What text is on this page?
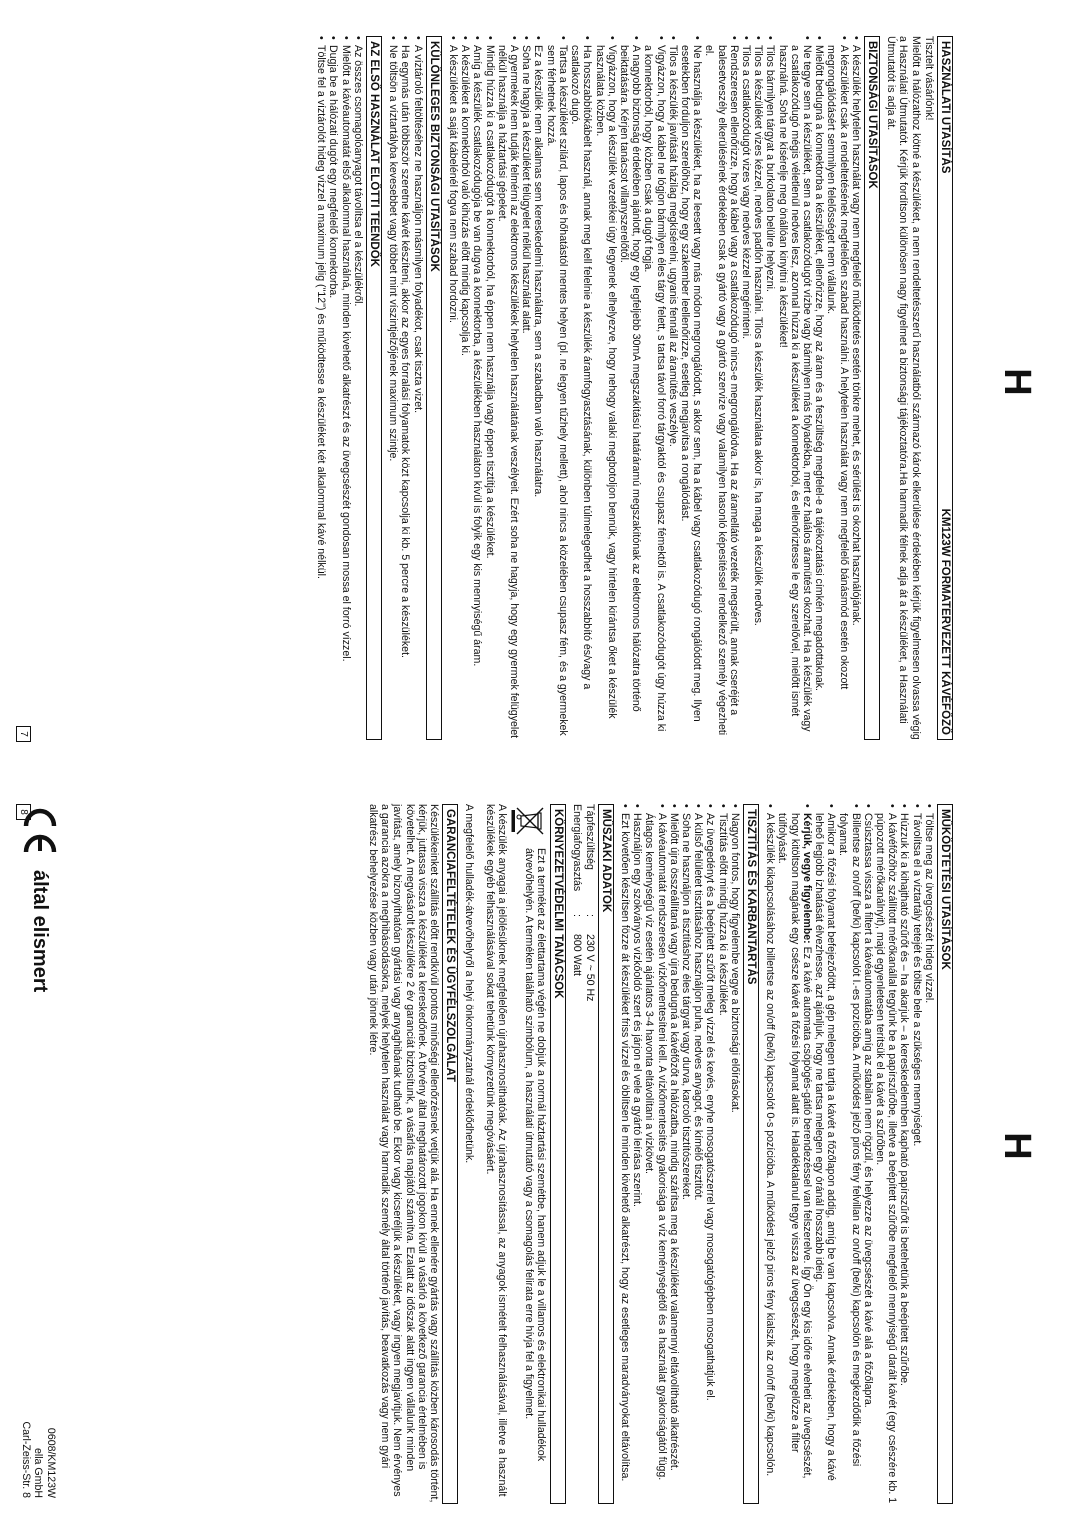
H
HASZNÁLATI UTASÍTÁS
KM123W FORMATERVEZETT KÁVÉFŐZŐ

Tisztelt vásárlónk!

Mielőtt a hálózathoz kötné a készüléket, a nem rendeltetésszerű használatból származó károk elkerülése érdekében kérjük figyelmesen olvassa végig a Használati Útmutatót. Kérjük fordítson különösen nagy figyelmet a biztonsági tájékoztatóra.Ha harmadik félnek adja át a készüléket, a Használati Útmutatót is adja át.

BIZTONSÁGI UTASÍTÁSOK
• A készülék helytelen használat vagy nem megfelelő működtetés esetén tönkre mehet, és sérülést is okozhat használójának.
• A készüléket csak a rendeltetésének megfelelően szabad használni. A helytelen használat vagy nem megfelelő bánásmód esetén okozott megrongálódásért semmilyen felelősséget nem vállalunk.
• Mielőtt bedugná a konnektorba a készüléket, ellenőrizze, hogy az áram és a feszültség megfelel-e a tájékoztatási címkén megadottaknak.
• Ne tegye sem a készüléket, sem a csatlakozódugót vízbe vagy bármilyen más folyadékba, mert ez halálos áramütést okozhat. Ha a készülék vagy a csatlakozódugó mégis véletlenül nedves lesz, azonnal húzza ki a készüléket a konnektorból, és ellenőriztesse le egy szerelővel, mielőtt ismét használná. Soha ne kísérelje meg önállóan kinyitni a készüléket!
• Tilos bármilyen tárgyat a burkolaton belülre helyezni.
• Tilos a készüléket vizes kézzel, nedves padlón használni. Tilos a készülék használata akkor is, ha maga a készülék nedves.
• Tilos a csatlakozódugót vizes vagy nedves kézzel megérinteni.
• Rendszeresen ellenőrizze, hogy a kábel vagy a csatlakozódugó nincs-e megrongálódva. Ha az áramellátó vezeték megsérült, annak cseréjét a balesetveszély elkerülésének érdekében csak a gyártó vagy a gyártó szervize vagy valamilyen hasonló képesítéssel rendelkező személy végezheti el.
• Ne használja a készüléket, ha az leesett vagy más módon megrongálódott, s akkor sem, ha a kábel vagy csatlakozódugó rongálódott meg. Ilyen esetekben forduljon szerelőhöz, hogy egy szakember leellenőrizze, esetleg megjavítsa a rongálódást.
• Tilos a készülék javítását házilag megkísérelni, ugyanis fennáll az áramütés veszélye.
• Vigyázzon, hogy a kábel ne lógjon bármilyen éles tárgy felett, s tartsa távol forró tárgyaktól és csupasz fémektől is. A csatlakozódugót úgy húzza ki a konnektorból, hogy közben csak a dugót fogja.
• A nagyobb biztonság érdekében ajánlott, hogy egy legfeljebb 30mA megszakítású határáramú megszakítónak az elektromos hálózatra történő beiktatására. Kérjen tanácsot villanyszerelőtől.
• Vigyázzon, hogy a készülék vezetékei úgy legyenek elhelyezve, hogy nehogy valaki megbotoljon bennük, vagy hirtelen kirántsa őket a készülék használata közben.
• Ha hosszabbítókábelt használ, annak meg kell felelnie a készülék áramfogyasztásának, különben túlmelegedhet a hosszabbító és/vagy a csatlakozó dugó.
• Tartsa a készüléket szilárd, lapos és hőhatástól mentes helyen (pl. ne legyen tűzhely mellett), ahol nincs a közelében csupasz fém, és a gyermekek sem férhetnek hozzá.
• Ez a készülék nem alkalmas sem kereskedelmi használatra, sem a szabadban való használatra.
• Soha ne hagyja a készüléket felügyelet nélkül használat alatt.
• A gyermekek nem tudják felmérni az elektromos készülékek helytelen használatának veszélyeit. Ezért soha ne hagyja, hogy egy gyermek felügyelet nélkül használja a háztartási gépeket.
• Mindig húzza ki a csatlakozódugót a konnektorból, ha éppen nem használja vagy éppen tisztítja a készüléket.
• Amíg a készülék csatlakozódugója be van dugva a konnektorba, a készülékben használaton kívül is folyik egy kis mennyiségű áram.
• A készüléket a konnektorból való kihúzás előtt mindig kapcsolja ki.
• A készüléket a saját kábelénél fogva nem szabad hordozni.
KÜLÖNLEGES BIZTONSÁGI UTASÍTÁSOK
• A víztároló feltöltéséhez ne használjon másmilyen folyadékot, csak tiszta vizet.
• Ha egymás után többször szeretne kávét készíteni, akkor az egyes forralási folyamatok közt kapcsolja ki kb. 5 percre a készüléket.
• Ne töltsön a víztartályba kevesebbet vagy többet mint víszintjelzőjének maximum szintje.
AZ ELSŐ HASZNÁLAT ELŐTTI TEENDŐK
• Az összes csomagolóanyagot távolítsa el a készülékről.
• Mielőtt a kávéautomatát első alkalommal használná, minden kivehető alkatrészt és az üvegcsészét gondosan mossa el forró vízzel.
• Dugja be a hálózati dugót egy megfelelő konnektorba.
• Töltse fel a víztárolót hideg vízzel a maximum jelig ("12") és működtesse a készüléket két alkalommal kávé nélkül.
7
H
MŰKÖDTETÉSI UTASÍTÁSOK
• Töltse meg az üvegcsészét hideg vízzel.
• Távolítsa el a víztartály tetejét és töltse bele a szükséges mennyiséget.
• Húzzuk ki a kihajtható szűrőt és – ha akarjuk – a kereskedelemben kapható papírszűrőt is betehetünk a beépített szűrőbe.
• A kávéfőzőhöz szállított mérőkanállal tegyünk be a papírszűrőbe, illetve a beépített szűrőbe megfelelő mennyiségű darált kávét (egy csészére kb. 1 púpozott mérőkanálnyit), majd egyenletesen terítsük el a kávét a szűrőben.
• Csúsztassa vissza a filtert a kávéautomatába amíg az stabilan nem rögzül, és helyezze az üvegcsészét a kávé alá a főzőlapra.
• Billentse az on/off (be/ki) kapcsolót I.-es pozícióba. A működést jelző piros fény felvillan az on/off (be/ki) kapcsolón és megkezdődik a főzési folyamat.
• Amikor a főzési folyamat befejeződött, a gép melegen tartja a kávét a főzőlapon addig, amíg be van kapcsolva. Annak érdekében, hogy a kávé leheő legjobb ízhatását élvezhesse, azt ajánljuk, hogy ne tartsa melegen egy óránál hosszabb ideig.
• Kérjük, vegye figyelembe: Ez a kávé automata csöpögés-gátló berendezéssel van felszerelve. Így Ön egy kis időre elveheti az üvegcsészét, hogy kitöltson magának egy csésze kávét a főzési folyamat alatt is. Haladéktalanul tegye vissza az üvegcsészét, hogy megelőzze a filter túlfolyását.
• A készülék kikapcsolásához billentse az on/off (be/ki) kapcsolót 0-s pozícióba. A működést jelző piros fény kialszik az on/off (be/ki) kapcsolón.
TISZTÍTÁS ÉS KARBANTARTÁS
• Nagyon fontos, hogy figyelembe vegye a biztonsági előírásokat.
• Tisztítás előtt mindig húzza ki a készüléket.
• Az üvegedényt és a beépített szűrőt meleg vízzel és kevés, enyhe mosogatószerrel vagy mosogatógépben mosogathatjuk el.
• A külső felületet tisztításához használjon puha, nedves anyagot, és kímélő tisztítót.
• Soha ne használjon a tisztításhoz éles tárgyat vagy durva, karcoló tisztítószereket.
• Mielőtt újra összeállítaná vagy újra bedugná a kávéfőzőt a hálózatba, mindig szárítsa meg a készüléket valamennyi eltávolítható alkatrészét.
• A kávéautomatát rendszeresen vízkőmentesíteni kell. A vízkőmentesítés gyakorisága a víz keménységétől és a használat gyakoriságától függ. Átlagos keménységű víz esetén ajánlatos 3-4 havonta eltávolítani a vízkövet.
• Használjon egy szokványos vízkőoldó szert és járjon el vele a gyártó leírása szerint.
• Ezt követően készítsen fözze át készüléket friss vízzel és öblítsen le minden kivehető alkatrészt, hogy az esetleges maradványokat eltávolítsa.
MŰSZAKI ADATOK
Tápfeszültség
:
230 V ~ 50 Hz
Energiafogyasztás
:
800 Watt
KÖRNYEZETVÉDELMI TANÁCSOK
Ezt a terméket az élettartama végén ne dobjuk a normál háztartási szemétbe, hanem adjuk le a villamos és elektronikai hulladékok átvevőhelyén. A terméken található szimbólum, a használati útmutató vagy a csomagolás felirata erre hívja fel a figyelmet.

A készülék anyagai a jelölésüknek megfelelően újrahasznosíthatóak. Az újrahasznosítással, az anyagok ismételt felhasználásával, illetve a használt készülékek egyéb felhasználásával sokat tehetünk környezetünk megóvásáért.

A megfelelő hulladék-átvevőhelyről a helyi önkormányzatnál érdeklődhetünk.

GARANCIAFELTÉTELEK ÉS ÜGYFÉLSZOLGÁLAT

Készülékeinket szállítás előtt rendkívül pontos minőségi ellenőrzésnek vetjük alá. Ha ennek ellenére gyártás vagy szállítás közben károsodás történt, kérjük, juttassa vissza a készüléket a kereskedőnek. A törvény által meghatározott jogokon kívül a vásárló a következő garancia értelmében is követelhet. A megvásárolt készülékre 2 év garanciát biztosítunk, a vásárlás napjától számítva. Ezalatt az időszak alatt ingyen vállalunk minden javítást, amely bizonyíthatóan gyártási vagy anyaghibának tudható be. Ekkor vagy kicseréljük a készüléket, vagy ingyen megjavítjuk. Nem érvényes a garancia azokra a meghibásodásokra, melyek helytelen használat vagy harmadik személy által történő javítás, beavatkozás vagy nem gyári alkatrész behelyezése közben vagy után jönnek létre.

által elismert
0608/KM123W
ella GmbH
Carl-Zeiss-Str. 8
8
